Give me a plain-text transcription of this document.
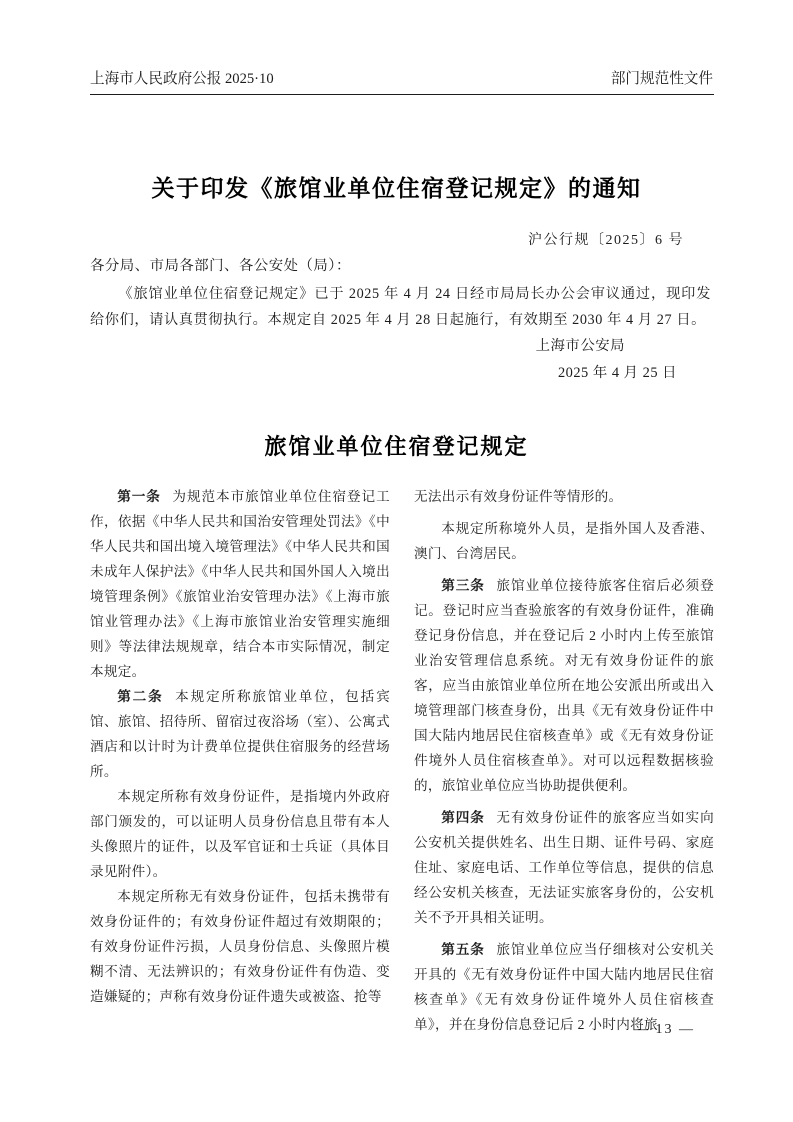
上海市人民政府公报 2025·10	部门规范性文件
关于印发《旅馆业单位住宿登记规定》的通知
沪公行规〔2025〕6 号
各分局、市局各部门、各公安处（局）：

《旅馆业单位住宿登记规定》已于 2025 年 4 月 24 日经市局局长办公会审议通过，现印发给你们，请认真贯彻执行。本规定自 2025 年 4 月 28 日起施行，有效期至 2030 年 4 月 27 日。

上海市公安局
2025 年 4 月 25 日
旅馆业单位住宿登记规定

第一条 为规范本市旅馆业单位住宿登记工作，依据《中华人民共和国治安管理处罚法》《中华人民共和国出境入境管理法》《中华人民共和国未成年人保护法》《中华人民共和国外国人入境出境管理条例》《旅馆业治安管理办法》《上海市旅馆业管理办法》《上海市旅馆业治安管理实施细则》等法律法规规章，结合本市实际情况，制定本规定。

第二条 本规定所称旅馆业单位，包括宾馆、旅馆、招待所、留宿过夜浴场（室）、公寓式酒店和以计时为计费单位提供住宿服务的经营场所。

本规定所称有效身份证件，是指境内外政府部门颁发的，可以证明人员身份信息且带有本人头像照片的证件，以及军官证和士兵证（具体目录见附件）。

本规定所称无有效身份证件，包括未携带有效身份证件的；有效身份证件超过有效期限的；有效身份证件污损，人员身份信息、头像照片模糊不清、无法辨识的；有效身份证件有伪造、变造嫌疑的；声称有效身份证件遗失或被盗、抢等

无法出示有效身份证件等情形的。

本规定所称境外人员，是指外国人及香港、澳门、台湾居民。

第三条 旅馆业单位接待旅客住宿后必须登记。登记时应当查验旅客的有效身份证件，准确登记身份信息，并在登记后 2 小时内上传至旅馆业治安管理信息系统。对无有效身份证件的旅客，应当由旅馆业单位所在地公安派出所或出入境管理部门核查身份，出具《无有效身份证件中国大陆内地居民住宿核查单》或《无有效身份证件境外人员住宿核查单》。对可以远程数据核验的，旅馆业单位应当协助提供便利。

第四条 无有效身份证件的旅客应当如实向公安机关提供姓名、出生日期、证件号码、家庭住址、家庭电话、工作单位等信息，提供的信息经公安机关核查，无法证实旅客身份的，公安机关不予开具相关证明。

第五条 旅馆业单位应当仔细核对公安机关开具的《无有效身份证件中国大陆内地居民住宿核查单》《无有效身份证件境外人员住宿核查单》，并在身份信息登记后 2 小时内将旅

— 13 —
